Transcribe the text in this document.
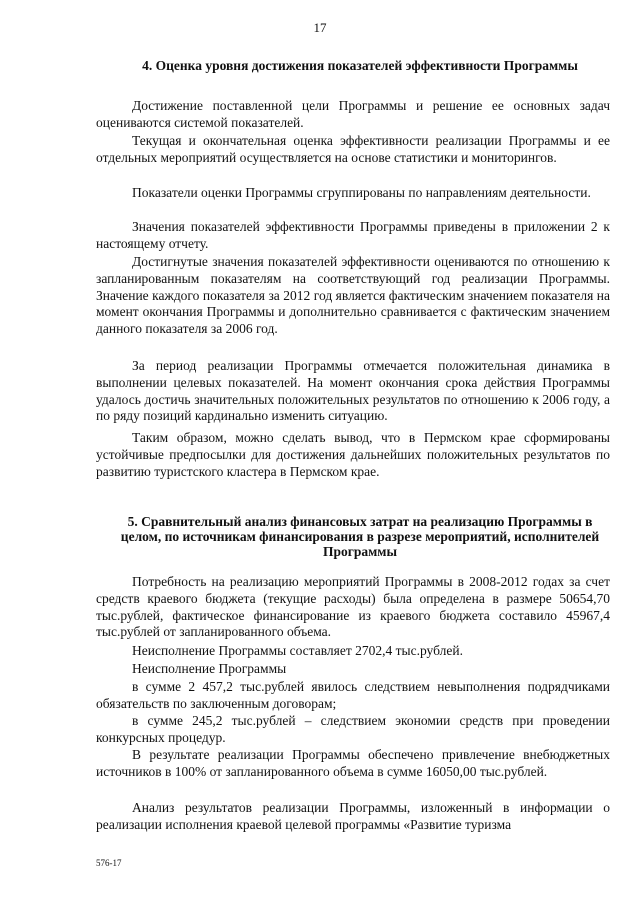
17
4. Оценка уровня достижения показателей эффективности Программы

Достижение поставленной цели Программы и решение ее основных задач оцениваются системой показателей.

Текущая и окончательная оценка эффективности реализации Программы и ее отдельных мероприятий осуществляется на основе статистики и мониторингов.

Показатели оценки Программы сгруппированы по направлениям деятельности.

Значения показателей эффективности Программы приведены в приложении 2 к настоящему отчету.

Достигнутые значения показателей эффективности оцениваются по отношению к запланированным показателям на соответствующий год реализации Программы. Значение каждого показателя за 2012 год является фактическим значением показателя на момент окончания Программы и дополнительно сравнивается с фактическим значением данного показателя за 2006 год.

За период реализации Программы отмечается положительная динамика в выполнении целевых показателей. На момент окончания срока действия Программы удалось достичь значительных положительных результатов по отношению к 2006 году, а по ряду позиций кардинально изменить ситуацию.

Таким образом, можно сделать вывод, что в Пермском крае сформированы устойчивые предпосылки для достижения дальнейших положительных результатов по развитию туристского кластера в Пермском крае.

5. Сравнительный анализ финансовых затрат на реализацию Программы в целом, по источникам финансирования в разрезе мероприятий, исполнителей Программы

Потребность на реализацию мероприятий Программы в 2008-2012 годах за счет средств краевого бюджета (текущие расходы) была определена в размере 50654,70 тыс.рублей, фактическое финансирование из краевого бюджета составило 45967,4 тыс.рублей от запланированного объема.

Неисполнение Программы составляет 2702,4 тыс.рублей.

Неисполнение Программы

в сумме 2 457,2 тыс.рублей явилось следствием невыполнения подрядчиками обязательств по заключенным договорам;

в сумме 245,2 тыс.рублей – следствием экономии средств при проведении конкурсных процедур.

В результате реализации Программы обеспечено привлечение внебюджетных источников в 100% от запланированного объема в сумме 16050,00 тыс.рублей.

Анализ результатов реализации Программы, изложенный в информации о реализации исполнения краевой целевой программы «Развитие туризма

576-17
